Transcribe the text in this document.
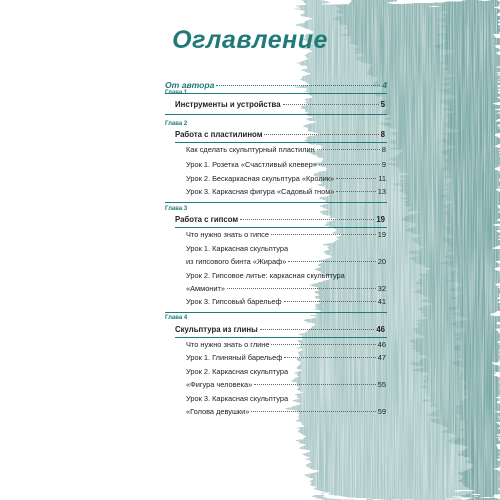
Оглавление
От автора	4
Глава 1
Инструменты и устройства	5
Глава 2
Работа с пластилином	8
Как сделать скульптурный пластилин	8
Урок 1. Розетка «Счастливый клевер»	9
Урок 2. Бескаркасная скульптура «Кролик»	11
Урок 3. Каркасная фигура «Садовый гном»	13
Глава 3
Работа с гипсом	19
Что нужно знать о гипсе	19
Урок 1. Каркасная скульптура
из гипсового бинта «Жираф»	20
Урок 2. Гипсовое литье: каркасная скульптура
«Аммонит»	32
Урок 3. Гипсовый барельеф	41
Глава 4
Скульптура из глины	46
Что нужно знать о глине	46
Урок 1. Глиняный барельеф	47
Урок 2. Каркасная скульптура
«Фигура человека»	55
Урок 3. Каркасная скульптура
«Голова девушки»	59
